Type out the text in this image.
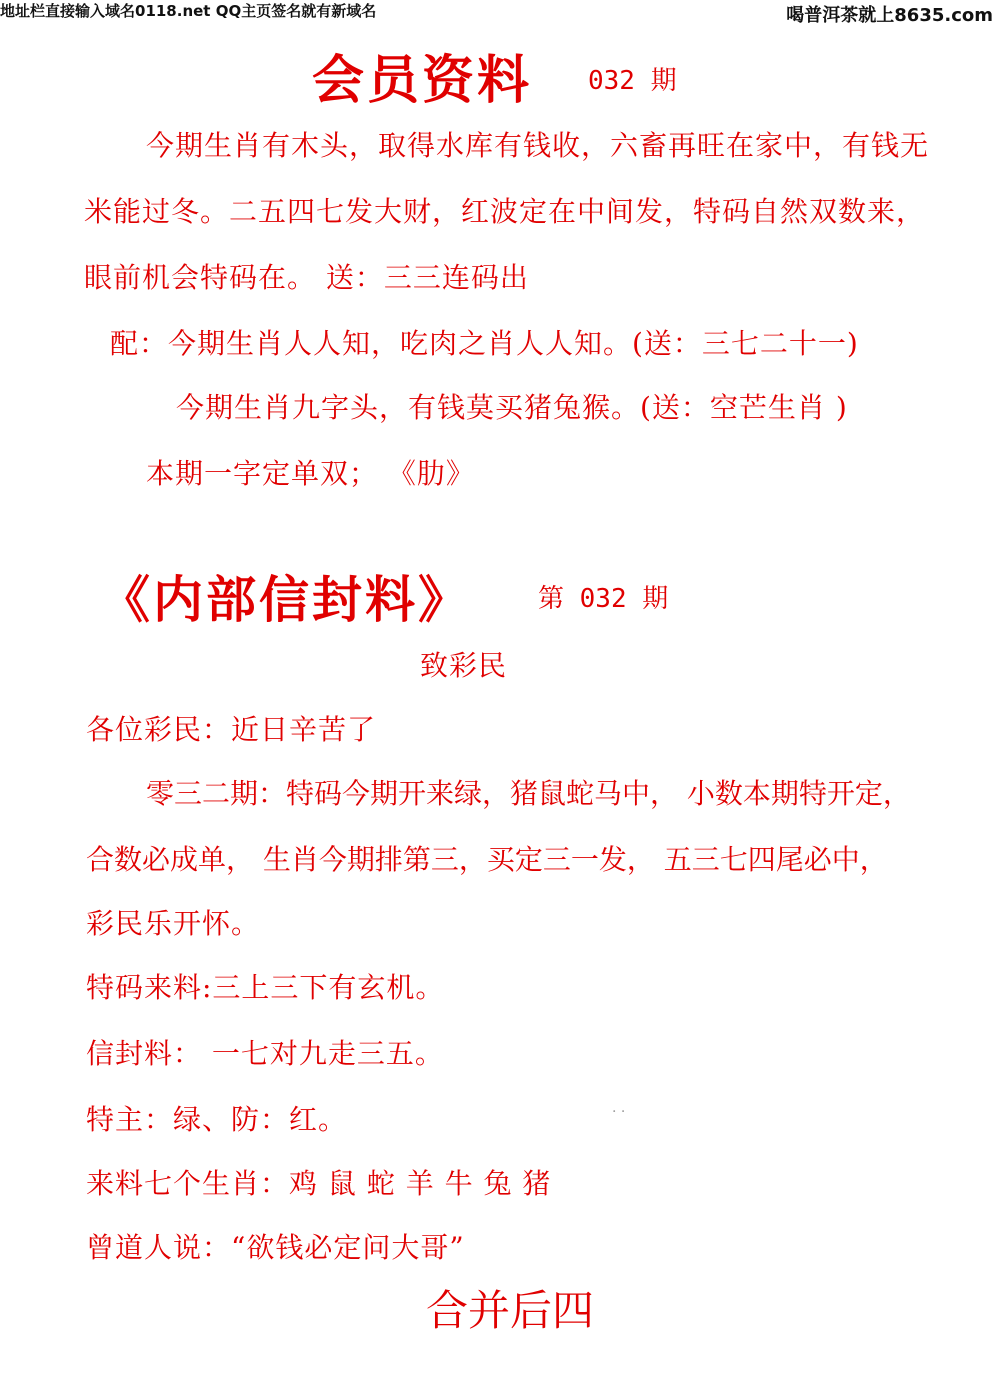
地址栏直接输入域名0118.net QQ主页签名就有新域名	喝普洱茶就上8635.com
会员资料 032 期
今期生肖有木头，取得水库有钱收，六畜再旺在家中，有钱无
米能过冬。二五四七发大财，红波定在中间发，特码自然双数来，
眼前机会特码在。 送：三三连码出
配：今期生肖人人知，吃肉之肖人人知。(送：三七二十一)
今期生肖九字头，有钱莫买猪兔猴。(送：空芒生肖 )
本期一字定单双； 《肋》
《内部信封料》	第 032 期
致彩民
各位彩民：近日辛苦了
零三二期：特码今期开来绿，猪鼠蛇马中， 小数本期特开定，
合数必成单， 生肖今期排第三，买定三一发， 五三七四尾必中，
彩民乐开怀。
特码来料:三上三下有玄机。
信封料： 一七对九走三五。
特主：绿、防：红。
来料七个生肖：鸡 鼠 蛇 羊 牛 兔 猪
曾道人说：“欲钱必定问大哥”
合并后四
· ·
